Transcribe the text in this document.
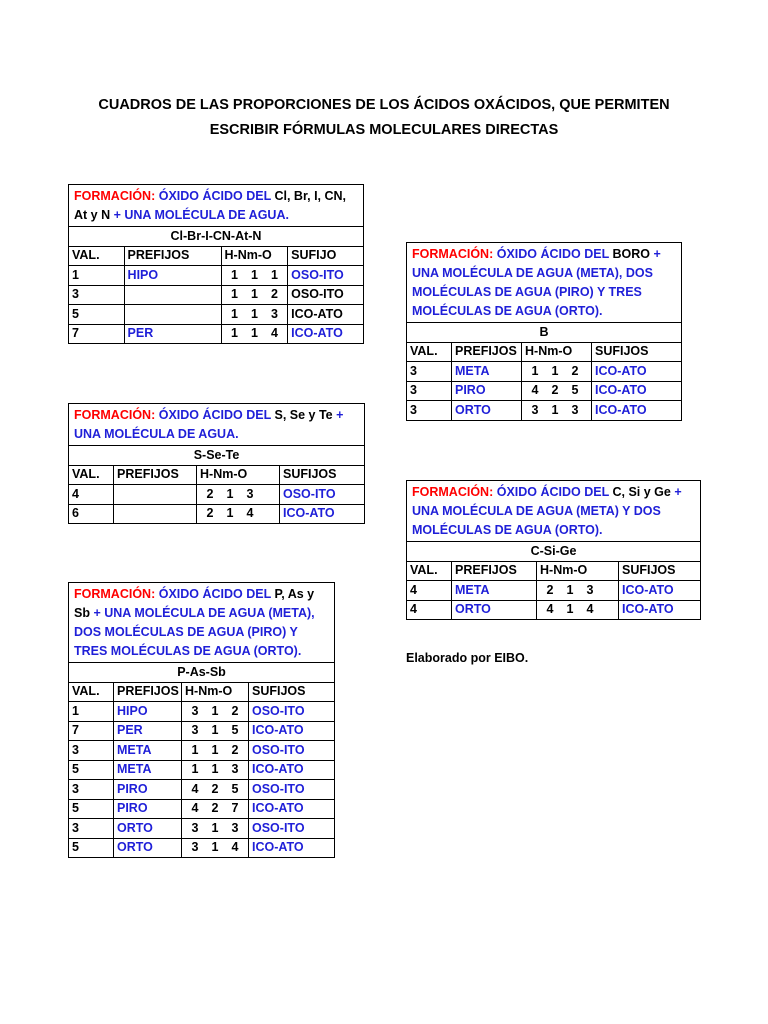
CUADROS DE LAS PROPORCIONES DE LOS ÁCIDOS OXÁCIDOS, QUE PERMITEN
ESCRIBIR FÓRMULAS MOLECULARES DIRECTAS
FORMACIÓN: ÓXIDO ÁCIDO DEL Cl, Br, I, CN, At y N + UNA MOLÉCULA DE AGUA.			
Cl-Br-I-CN-At-N			
VAL.	PREFIJOS	H-Nm-O	SUFIJO
1	HIPO	1 1 1	OSO-ITO
3		1 1 2	OSO-ITO
5		1 1 3	ICO-ATO
7	PER	1 1 4	ICO-ATO
FORMACIÓN: ÓXIDO ÁCIDO DEL BORO + UNA MOLÉCULA DE AGUA (META), DOS MOLÉCULAS DE AGUA (PIRO) Y TRES MOLÉCULAS DE AGUA (ORTO).			
B			
VAL.	PREFIJOS	H-Nm-O	SUFIJOS
3	META	1 1 2	ICO-ATO
3	PIRO	4 2 5	ICO-ATO
3	ORTO	3 1 3	ICO-ATO
FORMACIÓN: ÓXIDO ÁCIDO DEL S, Se y Te + UNA MOLÉCULA DE AGUA.			
S-Se-Te			
VAL.	PREFIJOS	H-Nm-O	SUFIJOS
4		2 1 3	OSO-ITO
6		2 1 4	ICO-ATO
FORMACIÓN: ÓXIDO ÁCIDO DEL C, Si y Ge + UNA MOLÉCULA DE AGUA (META) Y DOS MOLÉCULAS DE AGUA (ORTO).			
C-Si-Ge			
VAL.	PREFIJOS	H-Nm-O	SUFIJOS
4	META	2 1 3	ICO-ATO
4	ORTO	4 1 4	ICO-ATO
FORMACIÓN: ÓXIDO ÁCIDO DEL P, As y Sb + UNA MOLÉCULA DE AGUA (META), DOS MOLÉCULAS DE AGUA (PIRO) Y TRES MOLÉCULAS DE AGUA (ORTO).			
P-As-Sb			
VAL.	PREFIJOS	H-Nm-O	SUFIJOS
1	HIPO	3 1 2	OSO-ITO
7	PER	3 1 5	ICO-ATO
3	META	1 1 2	OSO-ITO
5	META	1 1 3	ICO-ATO
3	PIRO	4 2 5	OSO-ITO
5	PIRO	4 2 7	ICO-ATO
3	ORTO	3 1 3	OSO-ITO
5	ORTO	3 1 4	ICO-ATO
Elaborado por EIBO.
